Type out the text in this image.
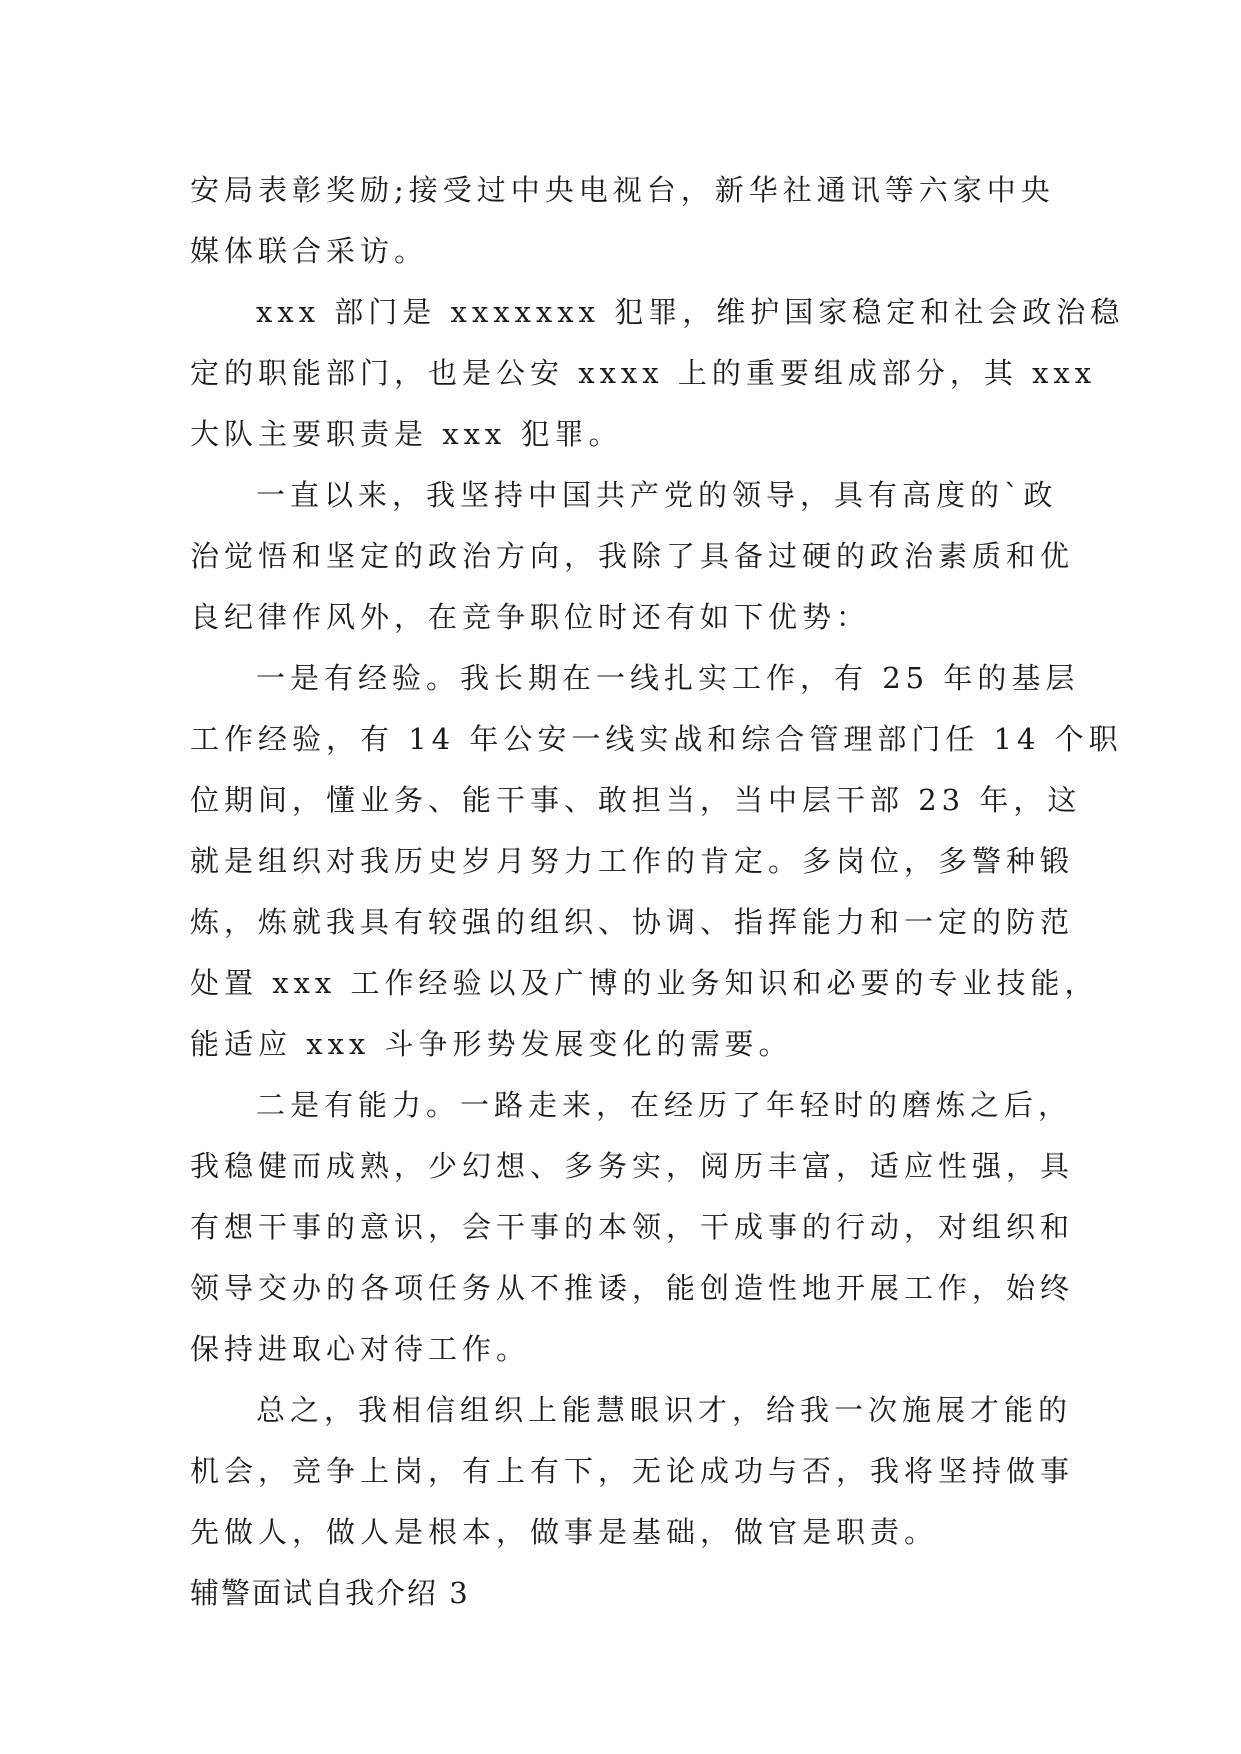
安局表彰奖励;接受过中央电视台，新华社通讯等六家中央
媒体联合采访。
xxx 部门是 xxxxxxx 犯罪，维护国家稳定和社会政治稳
定的职能部门，也是公安 xxxx 上的重要组成部分，其 xxx
大队主要职责是 xxx 犯罪。
一直以来，我坚持中国共产党的领导，具有高度的`政
治觉悟和坚定的政治方向，我除了具备过硬的政治素质和优
良纪律作风外，在竞争职位时还有如下优势：
一是有经验。我长期在一线扎实工作，有 25 年的基层
工作经验，有 14 年公安一线实战和综合管理部门任 14 个职
位期间，懂业务、能干事、敢担当，当中层干部 23 年，这
就是组织对我历史岁月努力工作的肯定。多岗位，多警种锻
炼，炼就我具有较强的组织、协调、指挥能力和一定的防范
处置 xxx 工作经验以及广博的业务知识和必要的专业技能，
能适应 xxx 斗争形势发展变化的需要。
二是有能力。一路走来，在经历了年轻时的磨炼之后，
我稳健而成熟，少幻想、多务实，阅历丰富，适应性强，具
有想干事的意识，会干事的本领，干成事的行动，对组织和
领导交办的各项任务从不推诿，能创造性地开展工作，始终
保持进取心对待工作。
总之，我相信组织上能慧眼识才，给我一次施展才能的
机会，竞争上岗，有上有下，无论成功与否，我将坚持做事
先做人，做人是根本，做事是基础，做官是职责。
辅警面试自我介绍 3
